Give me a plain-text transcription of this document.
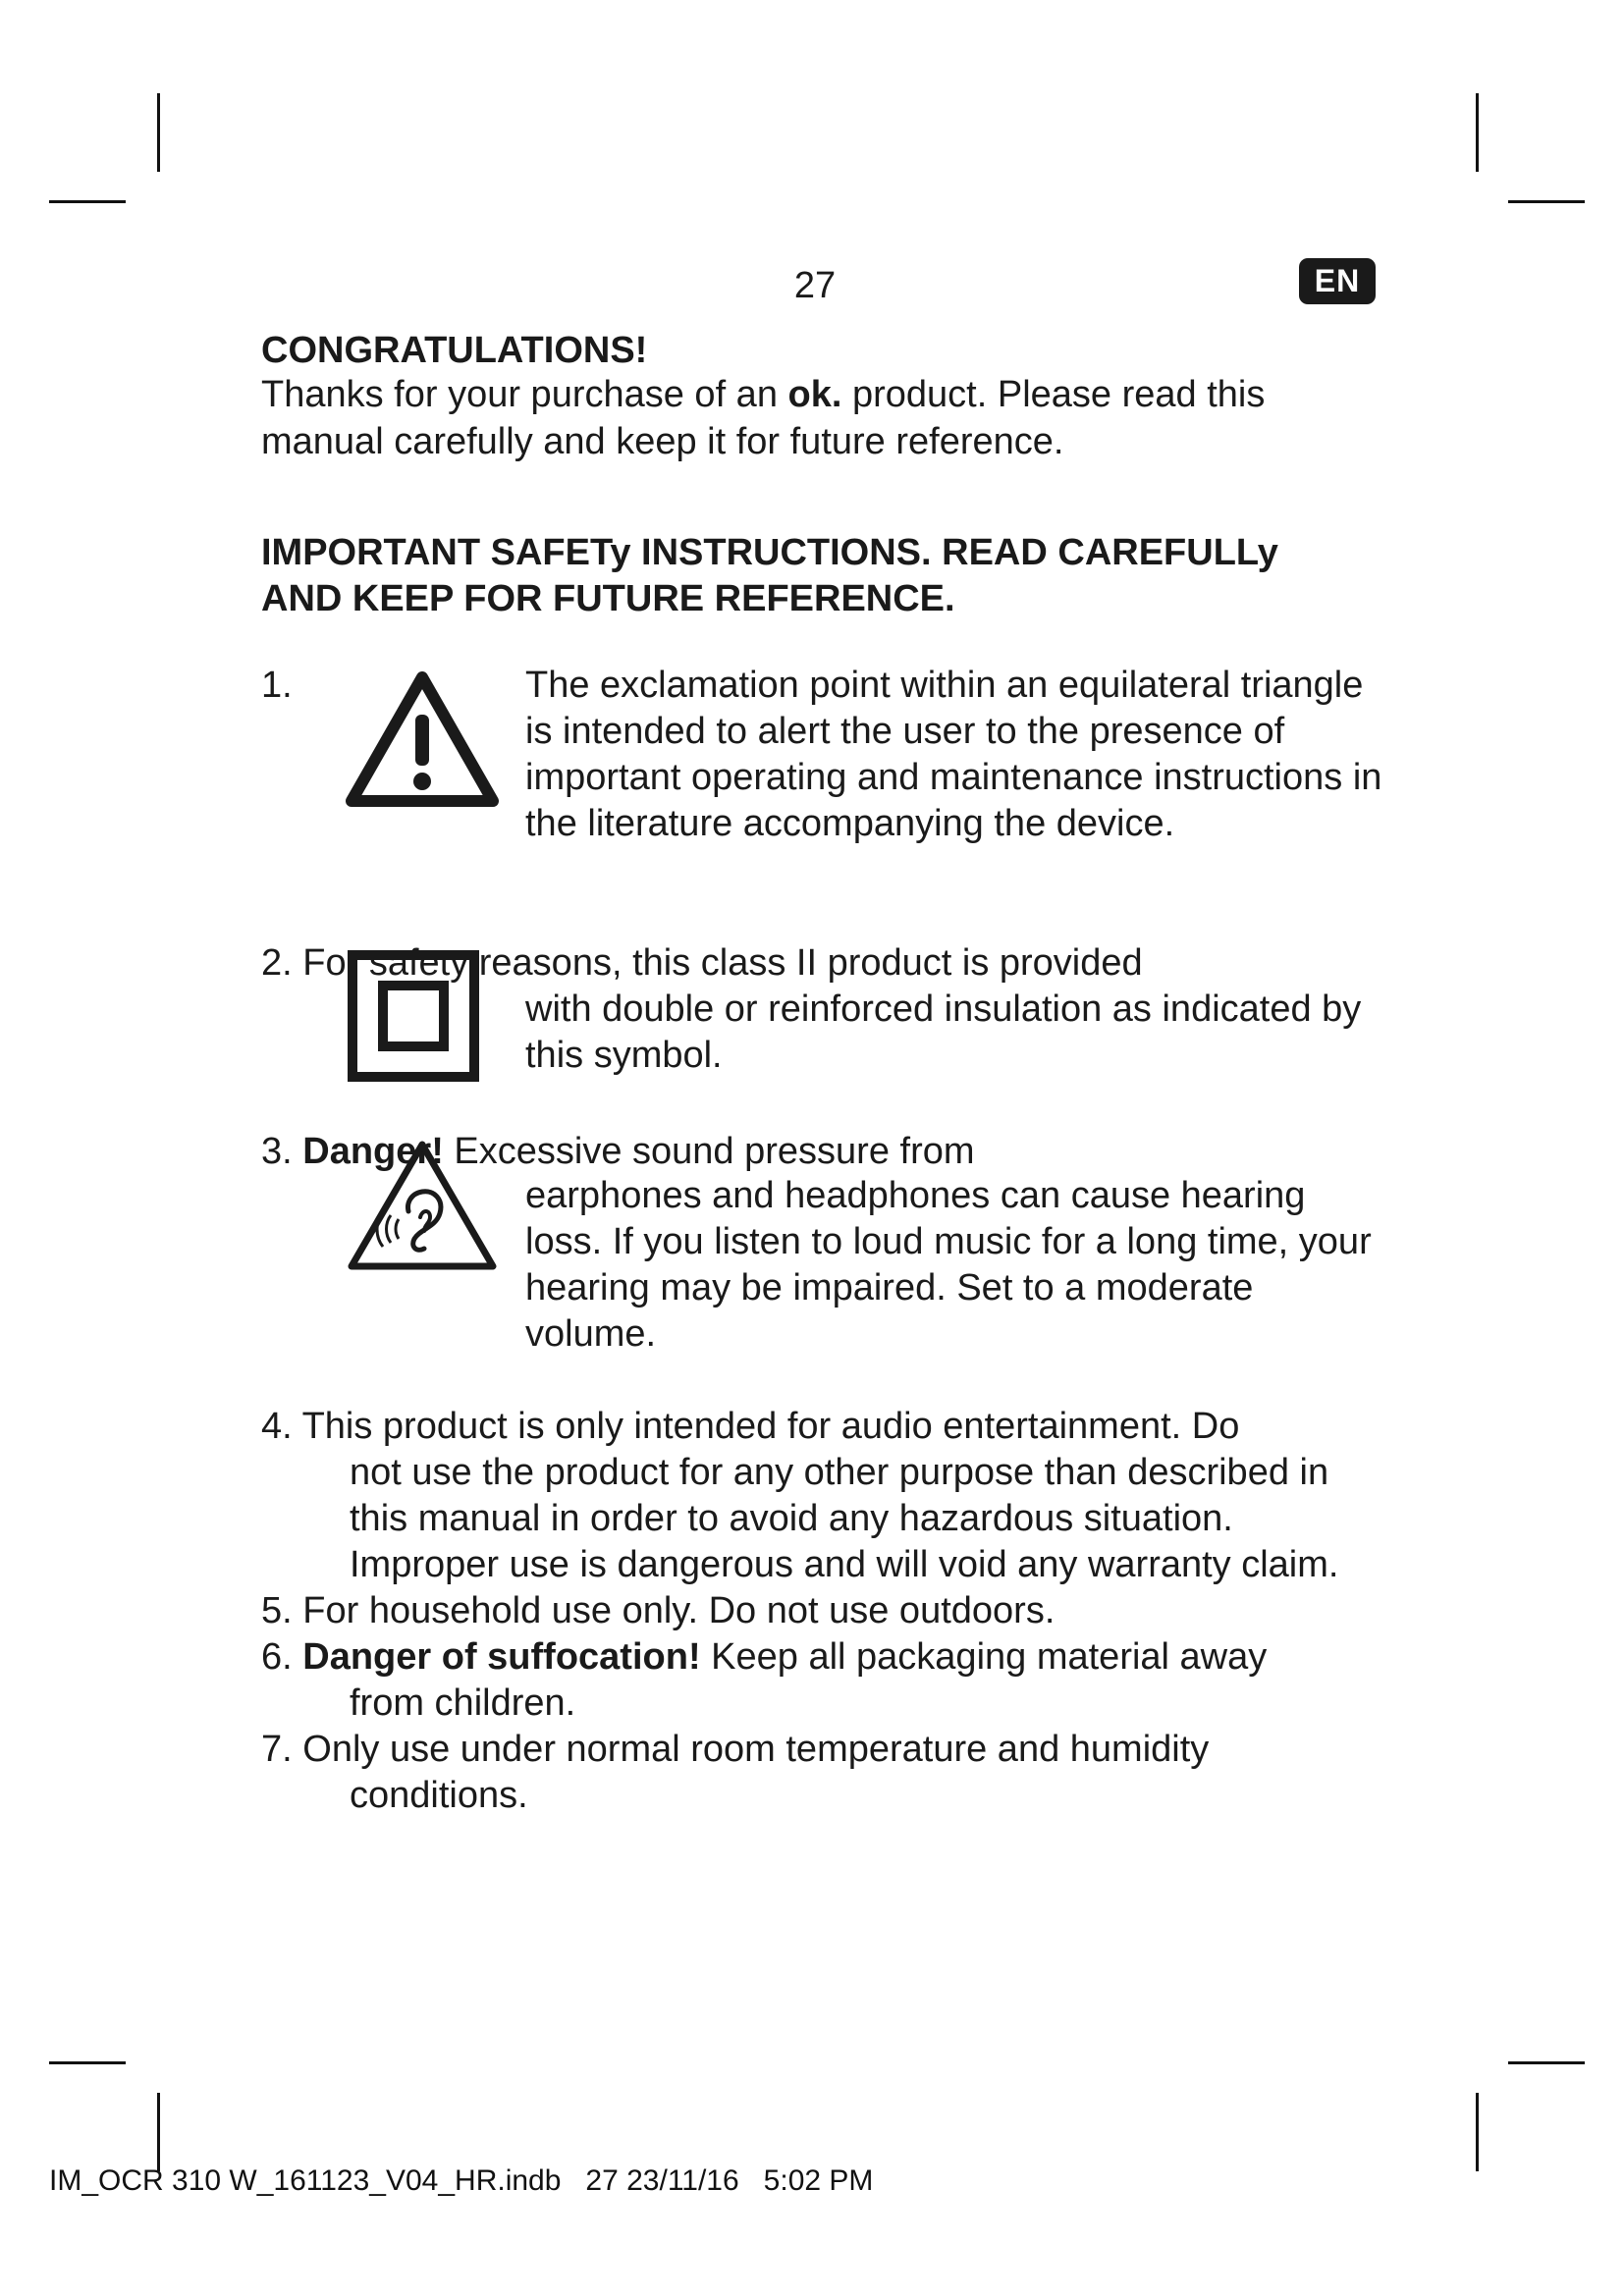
27	EN
CONGRATULATIONS!
Thanks for your purchase of an ok. product. Please read this manual carefully and keep it for future reference.
IMPORTANT SAFETy INSTRUCTIONS. READ CAREFULLy
AND KEEP FOR FUTURE REFERENCE.
1.	The exclamation point within an equilateral triangle is intended to alert the user to the presence of important operating and maintenance instructions in the literature accompanying the device.
2. For safety reasons, this class II product is provided
with double or reinforced insulation as indicated by this symbol.
3. Danger! Excessive sound pressure from
earphones and headphones can cause hearing loss. If you listen to loud music for a long time, your hearing may be impaired. Set to a moderate volume.
4. This product is only intended for audio entertainment. Do
not use the product for any other purpose than described in this manual in order to avoid any hazardous situation. Improper use is dangerous and will void any warranty claim.
5. For household use only. Do not use outdoors.
6. Danger of suffocation! Keep all packaging material away
from children.
7. Only use under normal room temperature and humidity
conditions.
IM_OCR 310 W_161123_V04_HR.indb   27 23/11/16   5:02 PM
